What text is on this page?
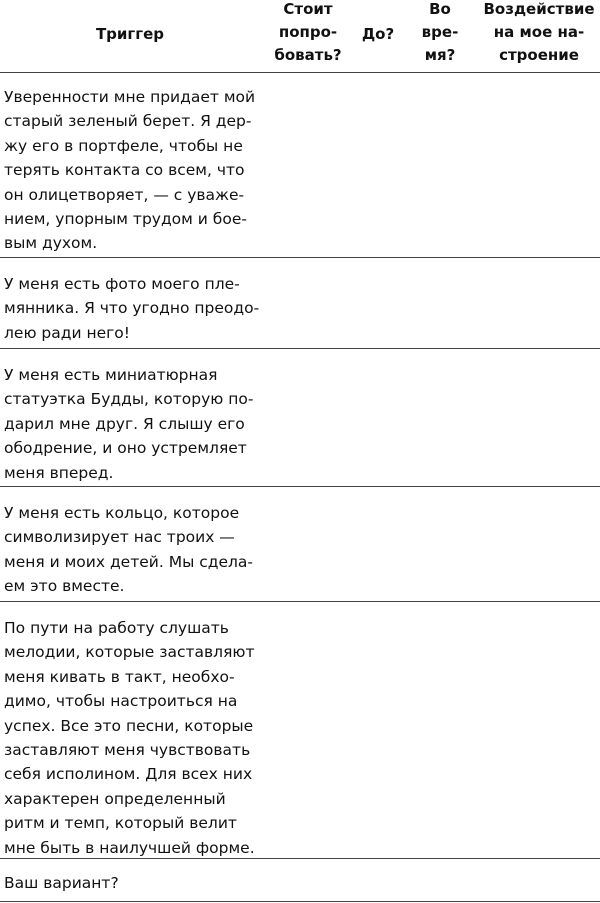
Триггер
Стоит
попро-
бовать?
До?
Во
вре-
мя?
Воздействие
на мое на-
строение
Уверенности мне придает мой
старый зеленый берет. Я дер-
жу его в портфеле, чтобы не
терять контакта со всем, что
он олицетворяет, — с уваже-
нием, упорным трудом и бое-
вым духом.
У меня есть фото моего пле-
мянника. Я что угодно преодо-
лею ради него!
У меня есть миниатюрная
статуэтка Будды, которую по-
дарил мне друг. Я слышу его
ободрение, и оно устремляет
меня вперед.
У меня есть кольцо, которое
символизирует нас троих —
меня и моих детей. Мы сдела-
ем это вместе.
По пути на работу слушать
мелодии, которые заставляют
меня кивать в такт, необхо-
димо, чтобы настроиться на
успех. Все это песни, которые
заставляют меня чувствовать
себя исполином. Для всех них
характерен определенный
ритм и темп, который велит
мне быть в наилучшей форме.
Ваш вариант?
